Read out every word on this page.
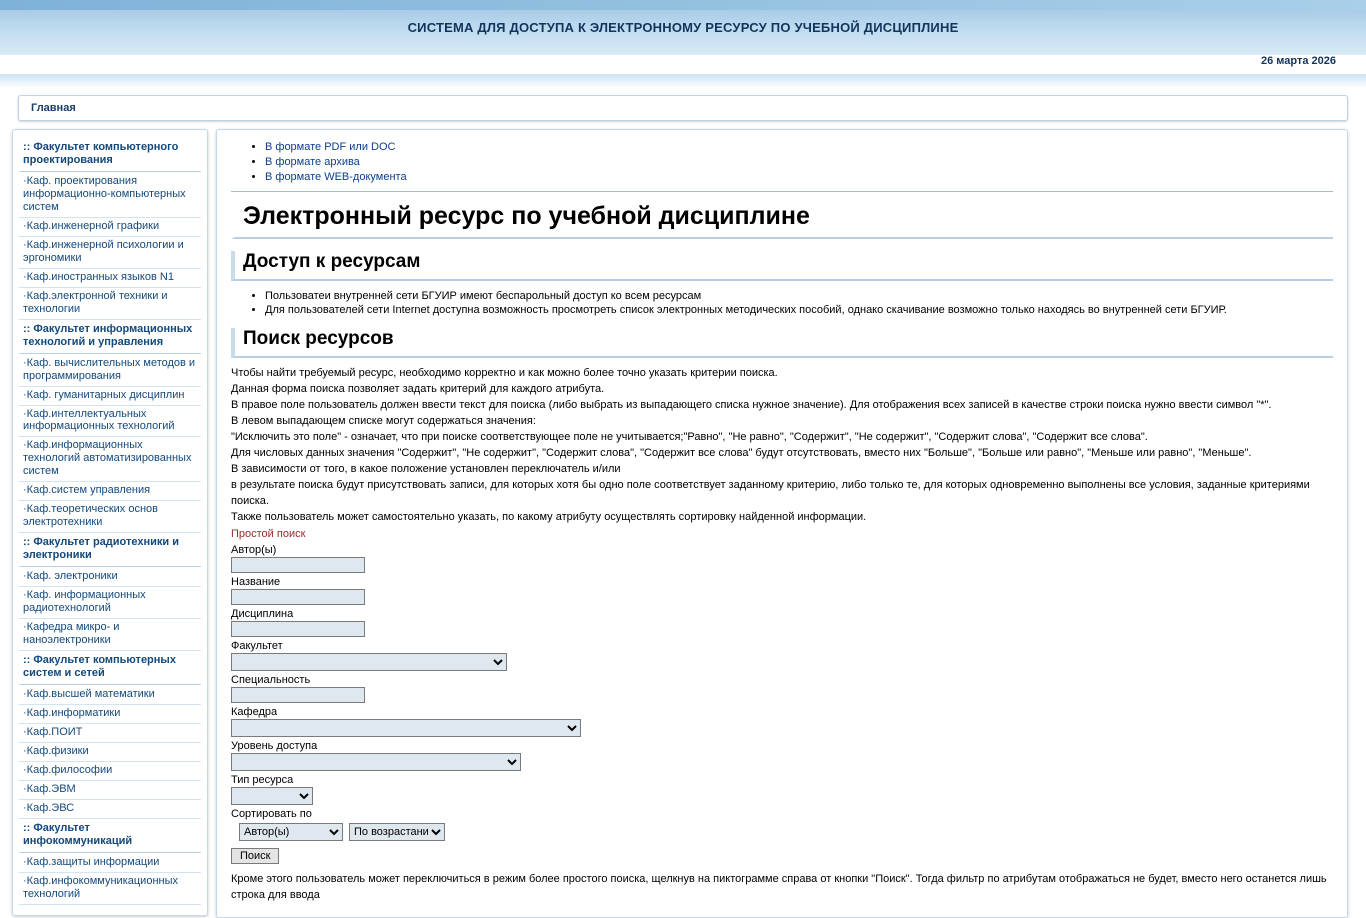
СИСТЕМА ДЛЯ ДОСТУПА К ЭЛЕКТРОННОМУ РЕСУРСУ ПО УЧЕБНОЙ ДИСЦИПЛИНЕ
26 марта 2026
Главная
:: Факультет компьютерного проектирования
·Каф. проектирования информационно-компьютерных систем
·Каф.инженерной графики
·Каф.инженерной психологии и эргономики
·Каф.иностранных языков N1
·Каф.электронной техники и технологии
:: Факультет информационных технологий и управления
·Каф. вычислительных методов и программирования
·Каф. гуманитарных дисциплин
·Каф.интеллектуальных информационных технологий
·Каф.информационных технологий автоматизированных систем
·Каф.систем управления
·Каф.теоретических основ электротехники
:: Факультет радиотехники и электроники
·Каф. электроники
·Каф. информационных радиотехнологий
·Кафедра микро- и наноэлектроники
:: Факультет компьютерных систем и сетей
·Каф.высшей математики
·Каф.информатики
·Каф.ПОИТ
·Каф.физики
·Каф.философии
·Каф.ЭВМ
·Каф.ЭВС
:: Факультет инфокоммуникаций
·Каф.защиты информации
·Каф.инфокоммуникационных технологий
• В формате PDF или DOC
• В формате архива
• В формате WEB-документа
Электронный ресурс по учебной дисциплине
Доступ к ресурсам
• Пользоватеи внутренней сети БГУИР имеют беспарольный доступ ко всем ресурсам
• Для пользователей сети Internet доступна возможность просмотреть список электронных методических пособий, однако скачивание возможно только находясь во внутренней сети БГУИР.
Поиск ресурсов

Чтобы найти требуемый ресурс, необходимо корректно и как можно более точно указать критерии поиска.

Данная форма поиска позволяет задать критерий для каждого атрибута.

В правое поле пользователь должен ввести текст для поиска (либо выбрать из выпадающего списка нужное значение). Для отображения всех записей в качестве строки поиска нужно ввести символ "*".

В левом выпадающем списке могут содержаться значения:

"Исключить это поле" - означает, что при поиске соответствующее поле не учитывается;"Равно", "Не равно", "Содержит", "Не содержит", "Содержит слова", "Содержит все слова".

Для числовых данных значения "Содержит", "Не содержит", "Содержит слова", "Содержит все слова" будут отсутствовать, вместо них "Больше", "Больше или равно", "Меньше или равно", "Меньше".

В зависимости от того, в какое положение установлен переключатель и/или

в результате поиска будут присутствовать записи, для которых хотя бы одно поле соответствует заданному критерию, либо только те, для которых одновременно выполнены все условия, заданные критериями поиска.

Также пользователь может самостоятельно указать, по какому атрибуту осуществлять сортировку найденной информации.

Простой поиск
Автор(ы)
Название
Дисциплина
Факультет
Специальность
Кафедра
Уровень доступа
Тип ресурса
Сортировать по
Автор(ы)
По возрастанию
Поиск
Кроме этого пользователь может переключиться в режим более простого поиска, щелкнув на пиктограмме справа от кнопки "Поиск". Тогда фильтр по атрибутам отображаться не будет, вместо него останется лишь строка для ввода
